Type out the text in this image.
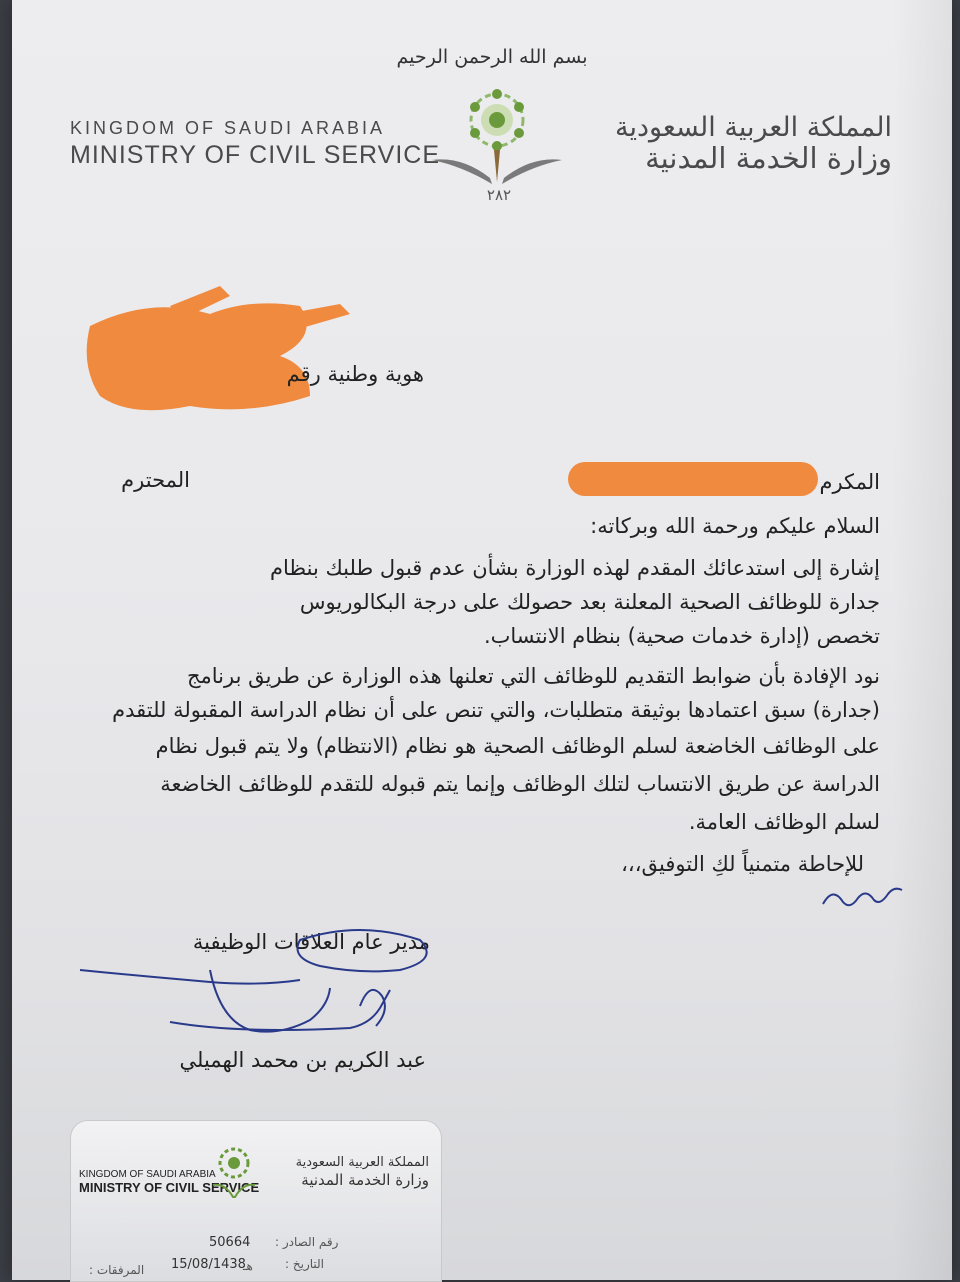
بسم الله الرحمن الرحيم
KINGDOM OF SAUDI ARABIA
MINISTRY OF CIVIL SERVICE
٢٨٢
المملكة العربية السعودية
وزارة الخدمة المدنية
هوية وطنية رقم
المكرم
المحترم
السلام عليكم ورحمة الله وبركاته:
إشارة إلى استدعائك المقدم لهذه الوزارة بشأن عدم قبول طلبك بنظام
جدارة للوظائف الصحية المعلنة بعد حصولك على درجة البكالوريوس
تخصص (إدارة خدمات صحية) بنظام الانتساب.
نود الإفادة بأن ضوابط التقديم للوظائف التي تعلنها هذه الوزارة عن طريق برنامج
(جدارة) سبق اعتمادها بوثيقة متطلبات، والتي تنص على أن نظام الدراسة المقبولة للتقدم
على الوظائف الخاضعة لسلم الوظائف الصحية هو نظام (الانتظام) ولا يتم قبول نظام
الدراسة عن طريق الانتساب لتلك الوظائف وإنما يتم قبوله للتقدم للوظائف الخاضعة
لسلم الوظائف العامة.
للإحاطة متمنياً لكِ التوفيق،،،
مدير عام العلاقات الوظيفية
عبد الكريم بن محمد الهميلي
KINGDOM OF SAUDI ARABIA
MINISTRY OF CIVIL SERVICE
المملكة العربية السعودية
وزارة الخدمة المدنية
رقم الصادر :
50664
التاريخ :
15/08/1438
هـ
المرفقات :
